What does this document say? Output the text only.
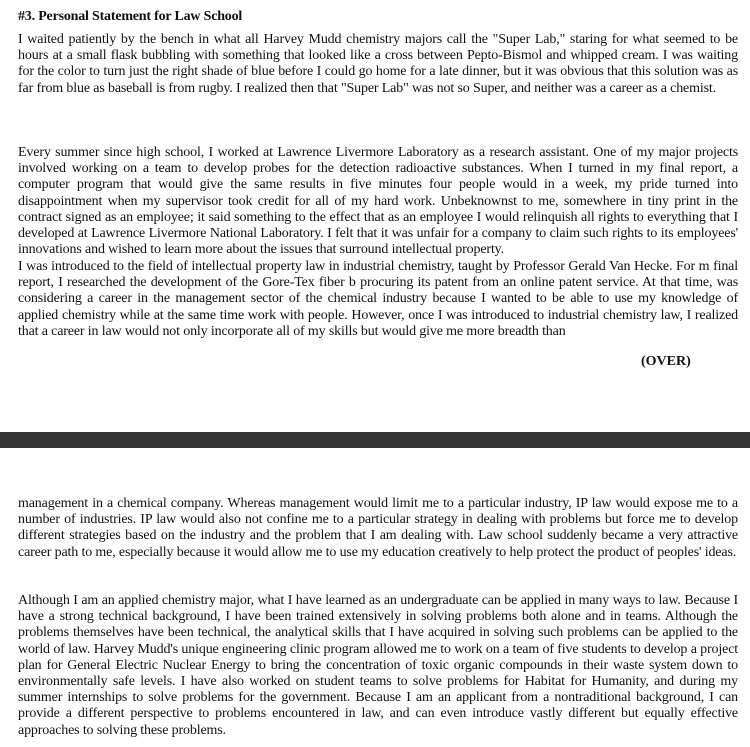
#3. Personal Statement for Law School

I waited patiently by the bench in what all Harvey Mudd chemistry majors call the "Super Lab," staring for what seemed to be hours at a small flask bubbling with something that looked like a cross between Pepto-Bismol and whipped cream. I was waiting for the color to turn just the right shade of blue before I could go home for a late dinner, but it was obvious that this solution was as far from blue as baseball is from rugby. I realized then that "Super Lab" was not so Super, and neither was a career as a chemist.

Every summer since high school, I worked at Lawrence Livermore Laboratory as a research assistant. One of my major projects involved working on a team to develop probes for the detection radioactive substances. When I turned in my final report, a computer program that would give the same results in five minutes four people would in a week, my pride turned into disappointment when my supervisor took credit for all of my hard work. Unbeknownst to me, somewhere in tiny print in the contract signed as an employee; it said something to the effect that as an employee I would relinquish all rights to everything that I developed at Lawrence Livermore National Laboratory. I felt that it was unfair for a company to claim such rights to its employees' innovations and wished to learn more about the issues that surround intellectual property.

I was introduced to the field of intellectual property law in industrial chemistry, taught by Professor Gerald Van Hecke. For m final report, I researched the development of the Gore-Tex fiber b procuring its patent from an online patent service. At that time, was considering a career in the management sector of the chemical industry because I wanted to be able to use my knowledge of applied chemistry while at the same time work with people. However, once I was introduced to industrial chemistry law, I realized that a career in law would not only incorporate all of my skills but would give me more breadth than

(OVER)

management in a chemical company. Whereas management would limit me to a particular industry, IP law would expose me to a number of industries. IP law would also not confine me to a particular strategy in dealing with problems but force me to develop different strategies based on the industry and the problem that I am dealing with. Law school suddenly became a very attractive career path to me, especially because it would allow me to use my education creatively to help protect the product of peoples' ideas.

Although I am an applied chemistry major, what I have learned as an undergraduate can be applied in many ways to law. Because I have a strong technical background, I have been trained extensively in solving problems both alone and in teams. Although the problems themselves have been technical, the analytical skills that I have acquired in solving such problems can be applied to the world of law. Harvey Mudd's unique engineering clinic program allowed me to work on a team of five students to develop a project plan for General Electric Nuclear Energy to bring the concentration of toxic organic compounds in their waste system down to environmentally safe levels. I have also worked on student teams to solve problems for Habitat for Humanity, and during my summer internships to solve problems for the government. Because I am an applicant from a nontraditional background, I can provide a different perspective to problems encountered in law, and can even introduce vastly different but equally effective approaches to solving these problems.
